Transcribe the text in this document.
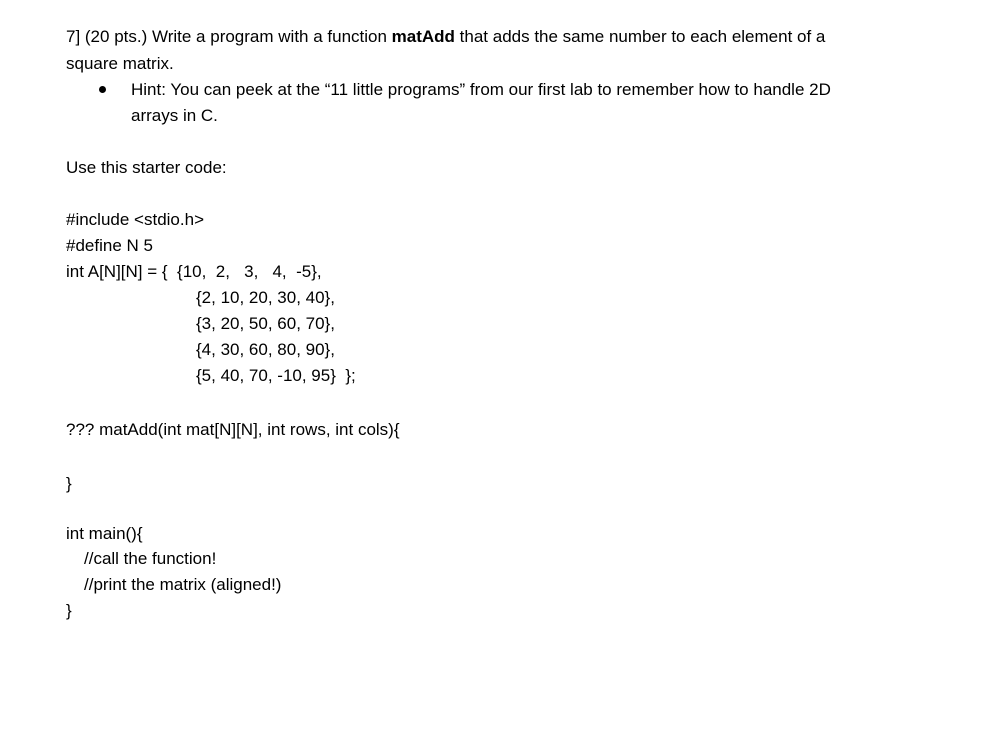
7] (20 pts.) Write a program with a function matAdd that adds the same number to each element of a
square matrix.
Hint: You can peek at the “11 little programs” from our first lab to remember how to handle 2D
arrays in C.
Use this starter code:
#include <stdio.h>
#define N 5
int A[N][N] = {  {10,  2,   3,   4,  -5},
{2, 10, 20, 30, 40},
{3, 20, 50, 60, 70},
{4, 30, 60, 80, 90},
{5, 40, 70, -10, 95}  };
??? matAdd(int mat[N][N], int rows, int cols){
}
int main(){
//call the function!
//print the matrix (aligned!)
}
